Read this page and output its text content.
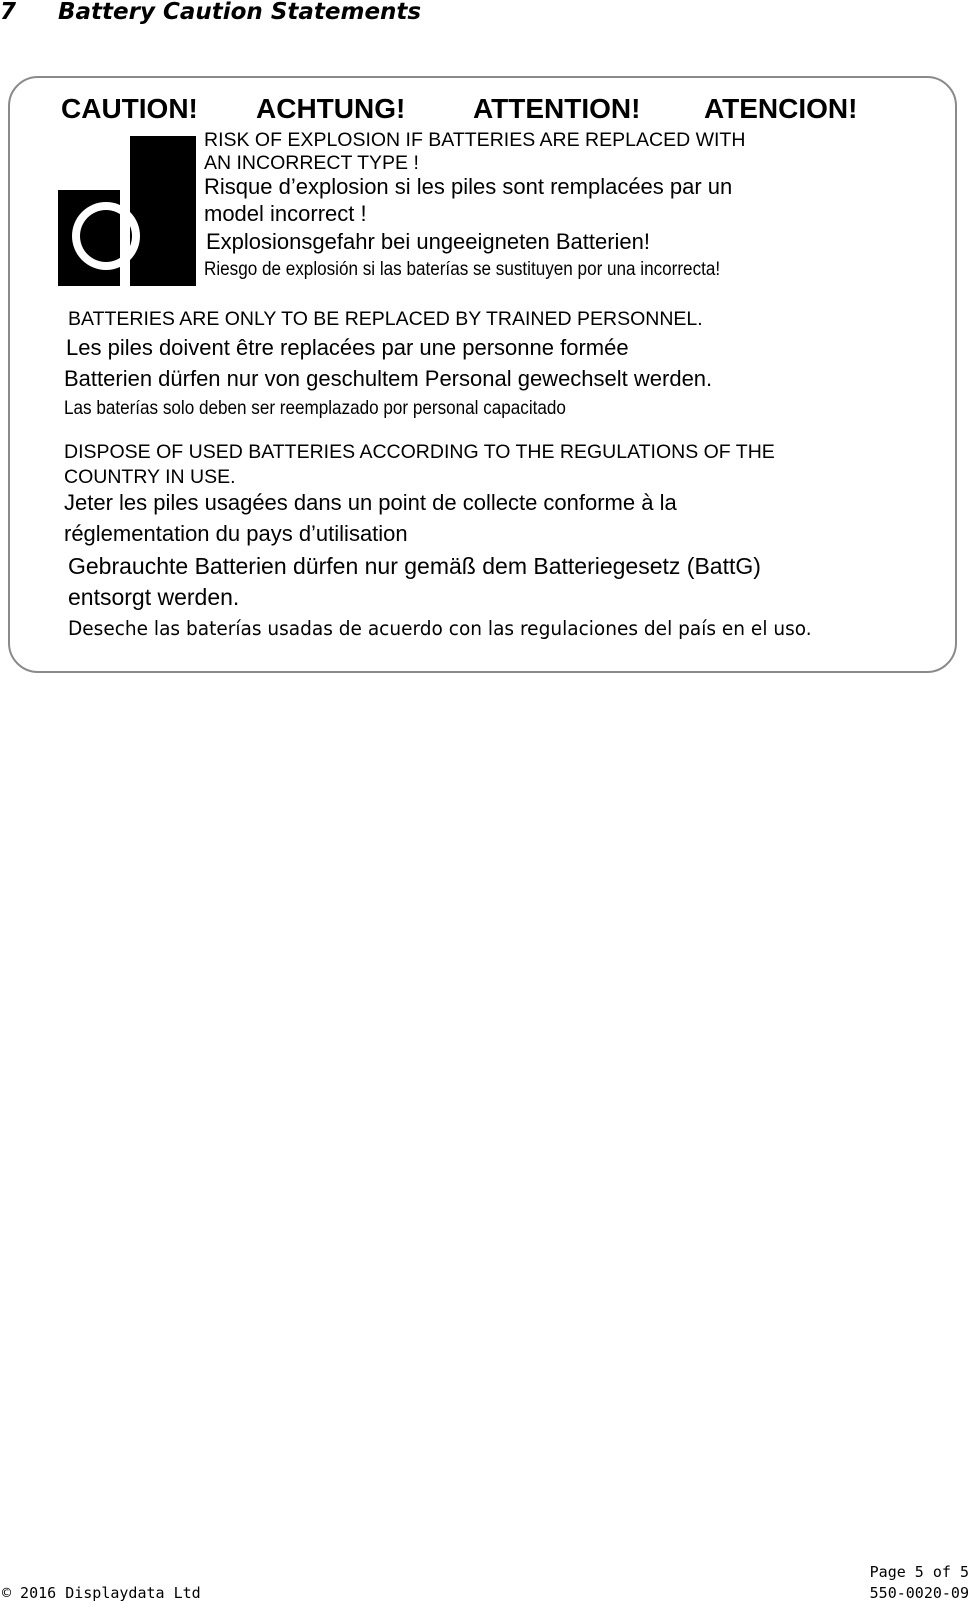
7 Battery Caution Statements
CAUTION! ACHTUNG! ATTENTION! ATENCION!
RISK OF EXPLOSION IF BATTERIES ARE REPLACED WITH
AN INCORRECT TYPE !
Risque d’explosion si les piles sont remplacées par un
model incorrect !
Explosionsgefahr bei ungeeigneten Batterien!
Riesgo de explosión si las baterías se sustituyen por una incorrecta!
BATTERIES ARE ONLY TO BE REPLACED BY TRAINED PERSONNEL.
Les piles doivent être replacées par une personne formée
Batterien dürfen nur von geschultem Personal gewechselt werden.
Las baterías solo deben ser reemplazado por personal capacitado
DISPOSE OF USED BATTERIES ACCORDING TO THE REGULATIONS OF THE
COUNTRY IN USE.
Jeter les piles usagées dans un point de collecte conforme à la
réglementation du pays d’utilisation
Gebrauchte Batterien dürfen nur gemäß dem Batteriegesetz (BattG)
entsorgt werden.
Deseche las baterías usadas de acuerdo con las regulaciones del país en el uso.
Page 5 of 5
© 2016 Displaydata Ltd	550-0020-09
